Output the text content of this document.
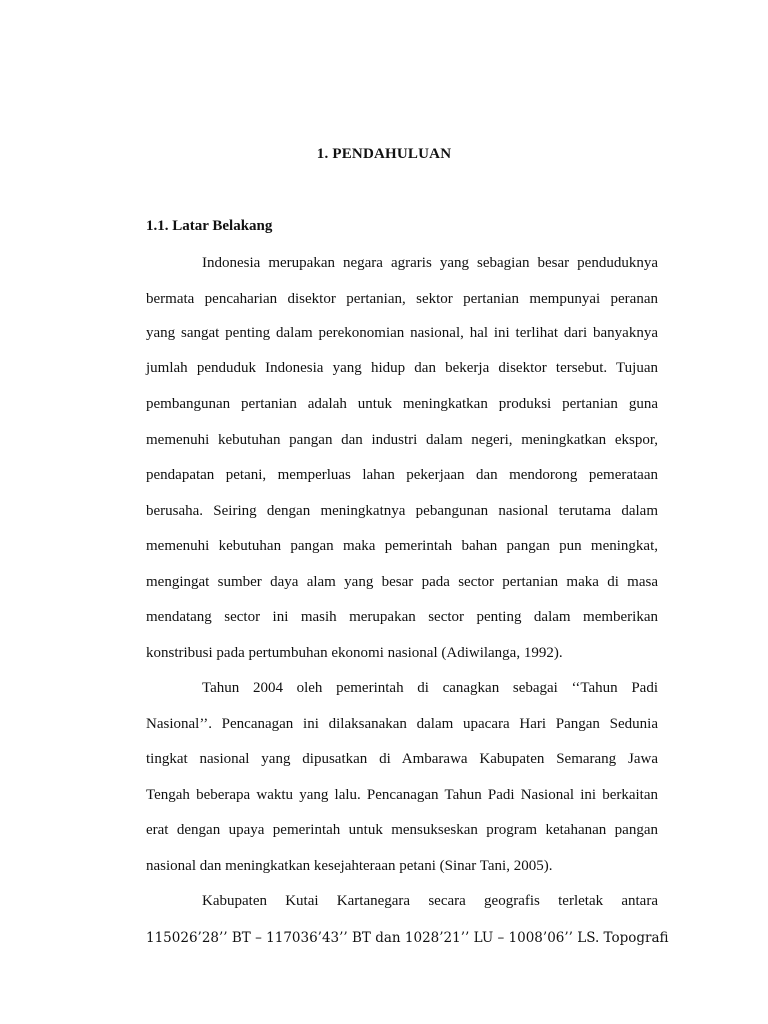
1. PENDAHULUAN
1.1. Latar Belakang

Indonesia merupakan negara agraris yang sebagian besar penduduknya

bermata pencaharian disektor pertanian, sektor pertanian mempunyai peranan

yang sangat penting dalam perekonomian nasional, hal ini terlihat dari banyaknya

jumlah penduduk Indonesia yang hidup dan bekerja disektor tersebut. Tujuan

pembangunan pertanian adalah untuk meningkatkan produksi pertanian guna

memenuhi kebutuhan pangan dan industri dalam negeri, meningkatkan ekspor,

pendapatan petani, memperluas lahan pekerjaan dan mendorong pemerataan

berusaha. Seiring dengan meningkatnya pebangunan nasional terutama dalam

memenuhi kebutuhan pangan maka pemerintah bahan pangan pun meningkat,

mengingat sumber daya alam yang besar pada sector pertanian maka di masa

mendatang sector ini masih merupakan sector penting dalam memberikan

konstribusi pada pertumbuhan ekonomi nasional (Adiwilanga, 1992).

Tahun 2004 oleh pemerintah di canagkan sebagai ‘‘Tahun Padi

Nasional’’. Pencanagan ini dilaksanakan dalam upacara Hari Pangan Sedunia

tingkat nasional yang dipusatkan di Ambarawa Kabupaten Semarang Jawa

Tengah beberapa waktu yang lalu. Pencanagan Tahun Padi Nasional ini berkaitan

erat dengan upaya pemerintah untuk mensukseskan program ketahanan pangan

nasional dan meningkatkan kesejahteraan petani (Sinar Tani, 2005).

Kabupaten Kutai Kartanegara secara geografis terletak antara

115026’28’’ BT – 117036’43’’ BT dan 1028’21’’ LU – 1008’06’’ LS. Topografi
